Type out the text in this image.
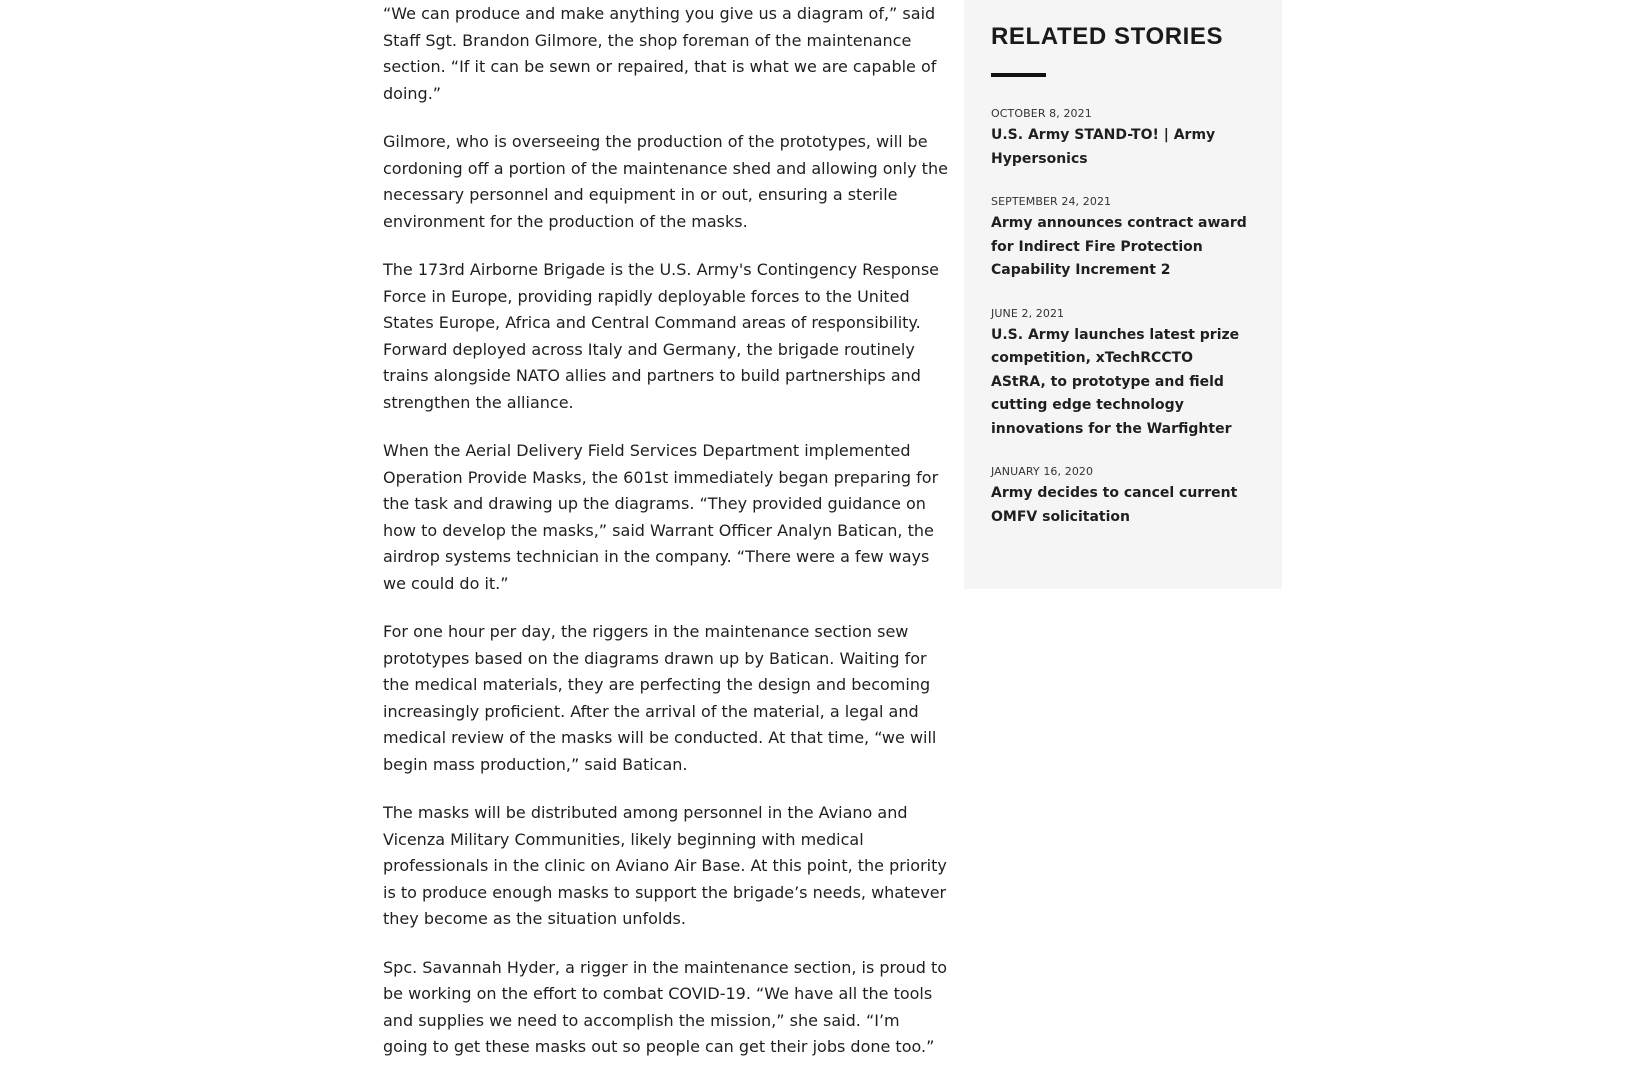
“We can produce and make anything you give us a diagram of,” said Staff Sgt. Brandon Gilmore, the shop foreman of the maintenance section. “If it can be sewn or repaired, that is what we are capable of doing.”

Gilmore, who is overseeing the production of the prototypes, will be cordoning off a portion of the maintenance shed and allowing only the necessary personnel and equipment in or out, ensuring a sterile environment for the production of the masks.

The 173rd Airborne Brigade is the U.S. Army's Contingency Response Force in Europe, providing rapidly deployable forces to the United States Europe, Africa and Central Command areas of responsibility. Forward deployed across Italy and Germany, the brigade routinely trains alongside NATO allies and partners to build partnerships and strengthen the alliance.

When the Aerial Delivery Field Services Department implemented Operation Provide Masks, the 601st immediately began preparing for the task and drawing up the diagrams. “They provided guidance on how to develop the masks,” said Warrant Officer Analyn Batican, the airdrop systems technician in the company. “There were a few ways we could do it.”

For one hour per day, the riggers in the maintenance section sew prototypes based on the diagrams drawn up by Batican. Waiting for the medical materials, they are perfecting the design and becoming increasingly proficient. After the arrival of the material, a legal and medical review of the masks will be conducted. At that time, “we will begin mass production,” said Batican.

The masks will be distributed among personnel in the Aviano and Vicenza Military Communities, likely beginning with medical professionals in the clinic on Aviano Air Base. At this point, the priority is to produce enough masks to support the brigade’s needs, whatever they become as the situation unfolds.

Spc. Savannah Hyder, a rigger in the maintenance section, is proud to be working on the effort to combat COVID-19. “We have all the tools and supplies we need to accomplish the mission,” she said. “I’m going to get these masks out so people can get their jobs done too.”

RELATED STORIES
OCTOBER 8, 2021
U.S. Army STAND-TO! | Army Hypersonics
SEPTEMBER 24, 2021
Army announces contract award for Indirect Fire Protection Capability Increment 2
JUNE 2, 2021
U.S. Army launches latest prize competition, xTechRCCTO AStRA, to prototype and field cutting edge technology innovations for the Warfighter
JANUARY 16, 2020
Army decides to cancel current OMFV solicitation
